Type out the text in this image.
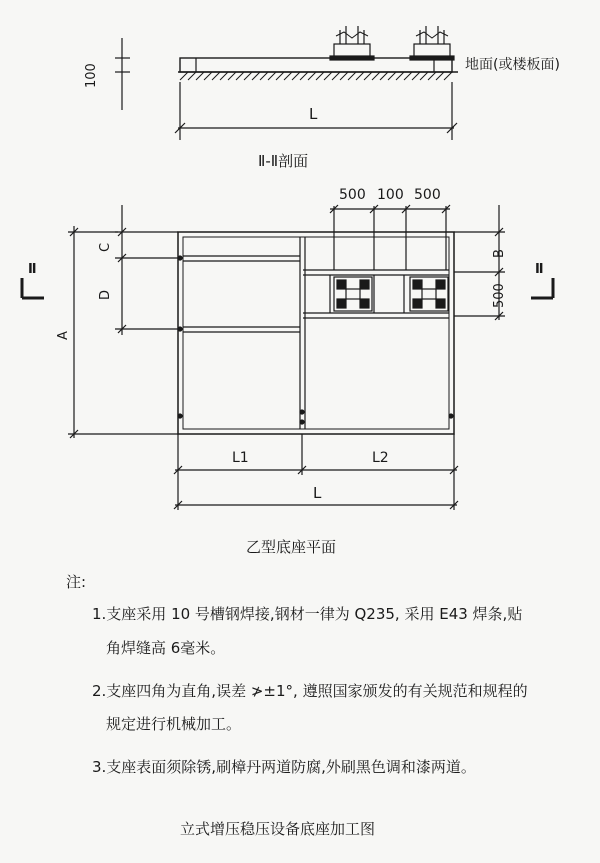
100	地面(或楼板面)
L
Ⅱ-Ⅱ剖面
500 100 500
B
500
C
D
A
L1	L2
L
Ⅱ	Ⅱ
乙型底座平面
注:
1.支座采用 10 号槽钢焊接,钢材一律为 Q235, 采用 E43 焊条,贴
角焊缝高 6毫米。
2.支座四角为直角,误差 ≯±1°, 遵照国家颁发的有关规范和规程的
规定进行机械加工。
3.支座表面须除锈,刷樟丹两道防腐,外刷黑色调和漆两道。
立式增压稳压设备底座加工图
